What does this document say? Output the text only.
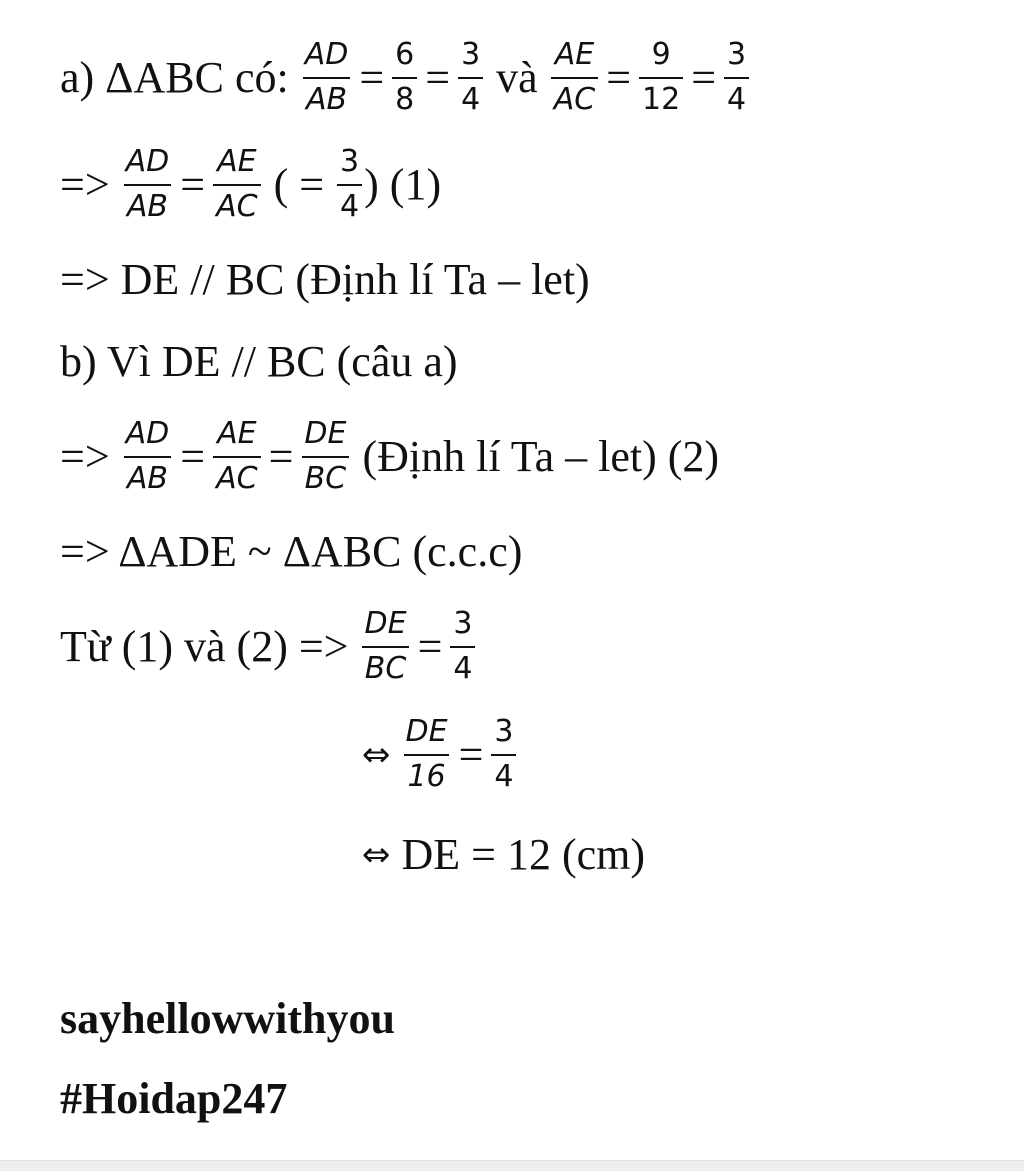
a) ΔABC có: $\frac{AD}{AB} = \frac{6}{8} = \frac{3}{4}$ và $\frac{AE}{AC} = \frac{9}{12} = \frac{3}{4}$
=> $\frac{AD}{AB} = \frac{AE}{AC}$ ( = $\frac{3}{4}$ ) (1)
=> DE // BC (Định lí Ta – let)
b) Vì DE // BC (câu a)
=> $\frac{AD}{AB} = \frac{AE}{AC} = \frac{DE}{BC}$ (Định lí Ta – let) (2)
=> ΔADE ~ ΔABC (c.c.c)
Từ (1) và $(2) => \frac{DE}{BC} = \frac{3}{4}$
⇔ $\frac{DE}{16} = \frac{3}{4}$
⇔ DE = 12 (cm)
sayhellowwithyou
#Hoidap247
